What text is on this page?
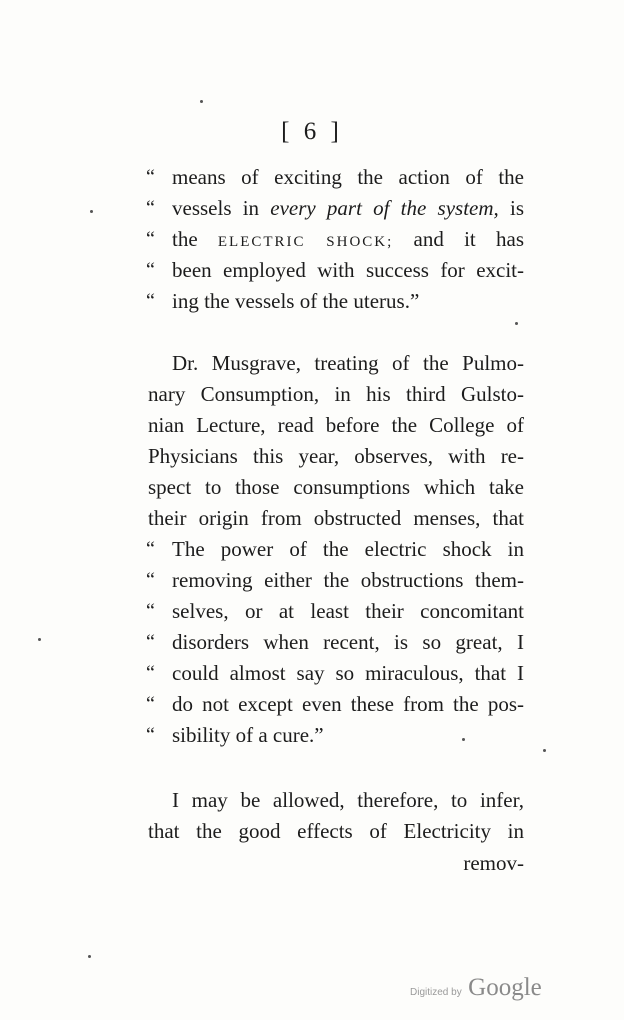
[ 6 ]
“ means of exciting the action of the
“ vessels in every part of the system, is
“ the ELECTRIC SHOCK; and it has
“ been employed with success for excit-
“ ing the vessels of the uterus.”
Dr. Musgrave, treating of the Pulmo-
nary Consumption, in his third Gulsto-
nian Lecture, read before the College of
Physicians this year, observes, with re-
spect to those consumptions which take
their origin from obstructed menses, that
“ The power of the electric shock in
“ removing either the obstructions them-
“ selves, or at least their concomitant
“ disorders when recent, is so great, I
“ could almost say so miraculous, that I
“ do not except even these from the pos-
“ sibility of a cure.”
I may be allowed, therefore, to infer,
that the good effects of Electricity in
remov-
Digitized by Google
